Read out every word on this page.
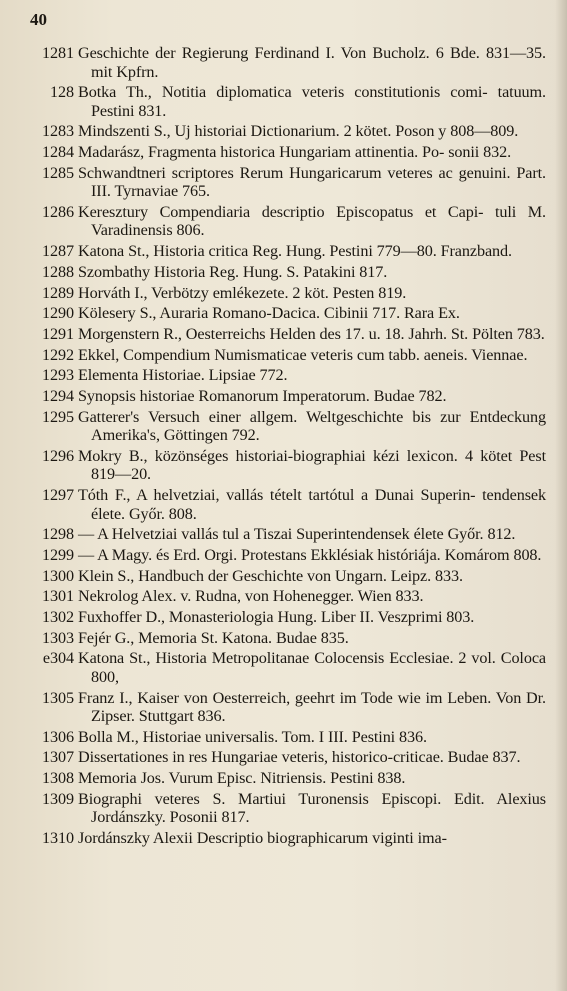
40
1281 Geschichte der Regierung Ferdinand I. Von Bucholz. 6 Bde. 831—35. mit Kpfrn.
128 Botka Th., Notitia diplomatica veteris constitutionis comi- tatuum. Pestini 831.
1283 Mindszenti S., Uj historiai Dictionarium. 2 kötet. Poson y 808—809.
1284 Madarász, Fragmenta historica Hungariam attinentia. Po- sonii 832.
1285 Schwandtneri scriptores Rerum Hungaricarum veteres ac genuini. Part. III. Tyrnaviae 765.
1286 Keresztury Compendiaria descriptio Episcopatus et Capi- tuli M. Varadinensis 806.
1287 Katona St., Historia critica Reg. Hung. Pestini 779—80. Franzband.
1288 Szombathy Historia Reg. Hung. S. Patakini 817.
1289 Horváth I., Verbötzy emlékezete. 2 köt. Pesten 819.
1290 Kölesery S., Auraria Romano-Dacica. Cibinii 717. Rara Ex.
1291 Morgenstern R., Oesterreichs Helden des 17. u. 18. Jahrh. St. Pölten 783.
1292 Ekkel, Compendium Numismaticae veteris cum tabb. aeneis. Viennae.
1293 Elementa Historiae. Lipsiae 772.
1294 Synopsis historiae Romanorum Imperatorum. Budae 782.
1295 Gatterer's Versuch einer allgem. Weltgeschichte bis zur Entdeckung Amerika's, Göttingen 792.
1296 Mokry B., közönséges historiai-biographiai kézi lexicon. 4 kötet Pest 819—20.
1297 Tóth F., A helvetziai, vallás tételt tartótul a Dunai Superin- tendensek élete. Győr. 808.
1298 — A Helvetziai vallás tul a Tiszai Superintendensek élete Győr. 812.
1299 — A Magy. és Erd. Orgi. Protestans Ekklésiak históriája. Komárom 808.
1300 Klein S., Handbuch der Geschichte von Ungarn. Leipz. 833.
1301 Nekrolog Alex. v. Rudna, von Hohenegger. Wien 833.
1302 Fuxhoffer D., Monasteriologia Hung. Liber II. Veszprimi 803.
1303 Fejér G., Memoria St. Katona. Budae 835.
e304 Katona St., Historia Metropolitanae Colocensis Ecclesiae. 2 vol. Coloca 800,
1305 Franz I., Kaiser von Oesterreich, geehrt im Tode wie im Leben. Von Dr. Zipser. Stuttgart 836.
1306 Bolla M., Historiae universalis. Tom. I III. Pestini 836.
1307 Dissertationes in res Hungariae veteris, historico-criticae. Budae 837.
1308 Memoria Jos. Vurum Episc. Nitriensis. Pestini 838.
1309 Biographi veteres S. Martiui Turonensis Episcopi. Edit. Alexius Jordánszky. Posonii 817.
1310 Jordánszky Alexii Descriptio biographicarum viginti ima-
